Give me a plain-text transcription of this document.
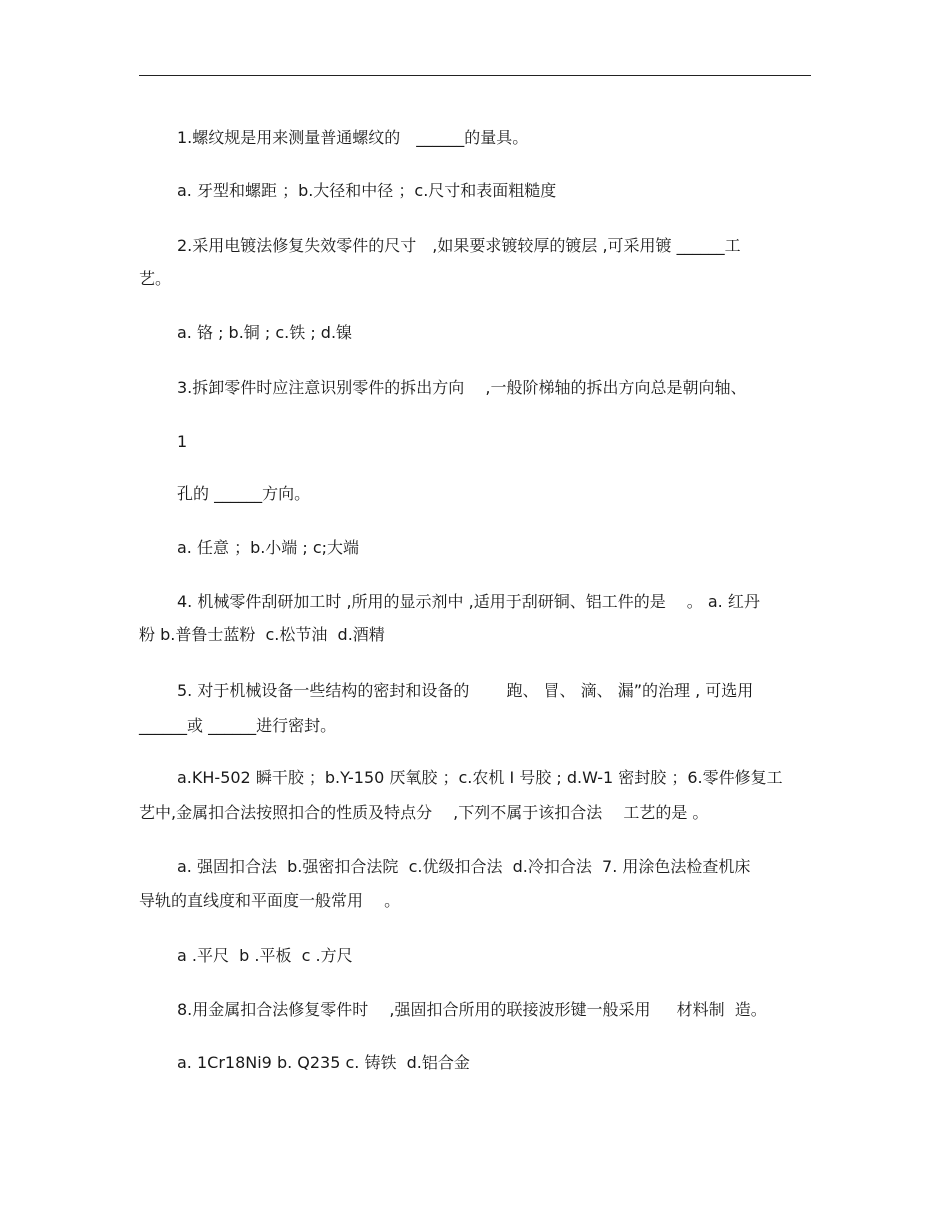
1.螺纹规是用来测量普通螺纹的　______的量具。
a. 牙型和螺距 ；b.大径和中径 ；c.尺寸和表面粗糙度
2.采用电镀法修复失效零件的尺寸　,如果要求镀较厚的镀层 ,可采用镀 ______工
艺。
a. 铬 ; b.铜 ; c.铁 ; d.镍
3.拆卸零件时应注意识别零件的拆出方向 　,一般阶梯轴的拆出方向总是朝向轴、
1
孔的 ______方向。
a. 任意 ；b.小端 ; c;大端
4. 机械零件刮研加工时 ,所用的显示剂中 ,适用于刮研铜、铝工件的是　 。 a. 红丹
粉 b.普鲁士蓝粉  c.松节油  d.酒精
5. 对于机械设备一些结构的密封和设备的 　　跑、 冒、 滴、 漏”的治理 , 可选用
______或 ______进行密封。
a.KH-502 瞬干胶 ；b.Y-150 厌氧胶 ；c.农机 I 号胶 ; d.W-1 密封胶 ；6.零件修复工
艺中,金属扣合法按照扣合的性质及特点分 　,下列不属于该扣合法 　工艺的是 。
a. 强固扣合法  b.强密扣合法院  c.优级扣合法  d.冷扣合法  7. 用涂色法检查机床
导轨的直线度和平面度一般常用　 。
a .平尺  b .平板  c .方尺
8.用金属扣合法修复零件时 　,强固扣合所用的联接波形键一般采用 　 材料制  造。
a. 1Cr18Ni9 b. Q235 c. 铸铁  d.铝合金
